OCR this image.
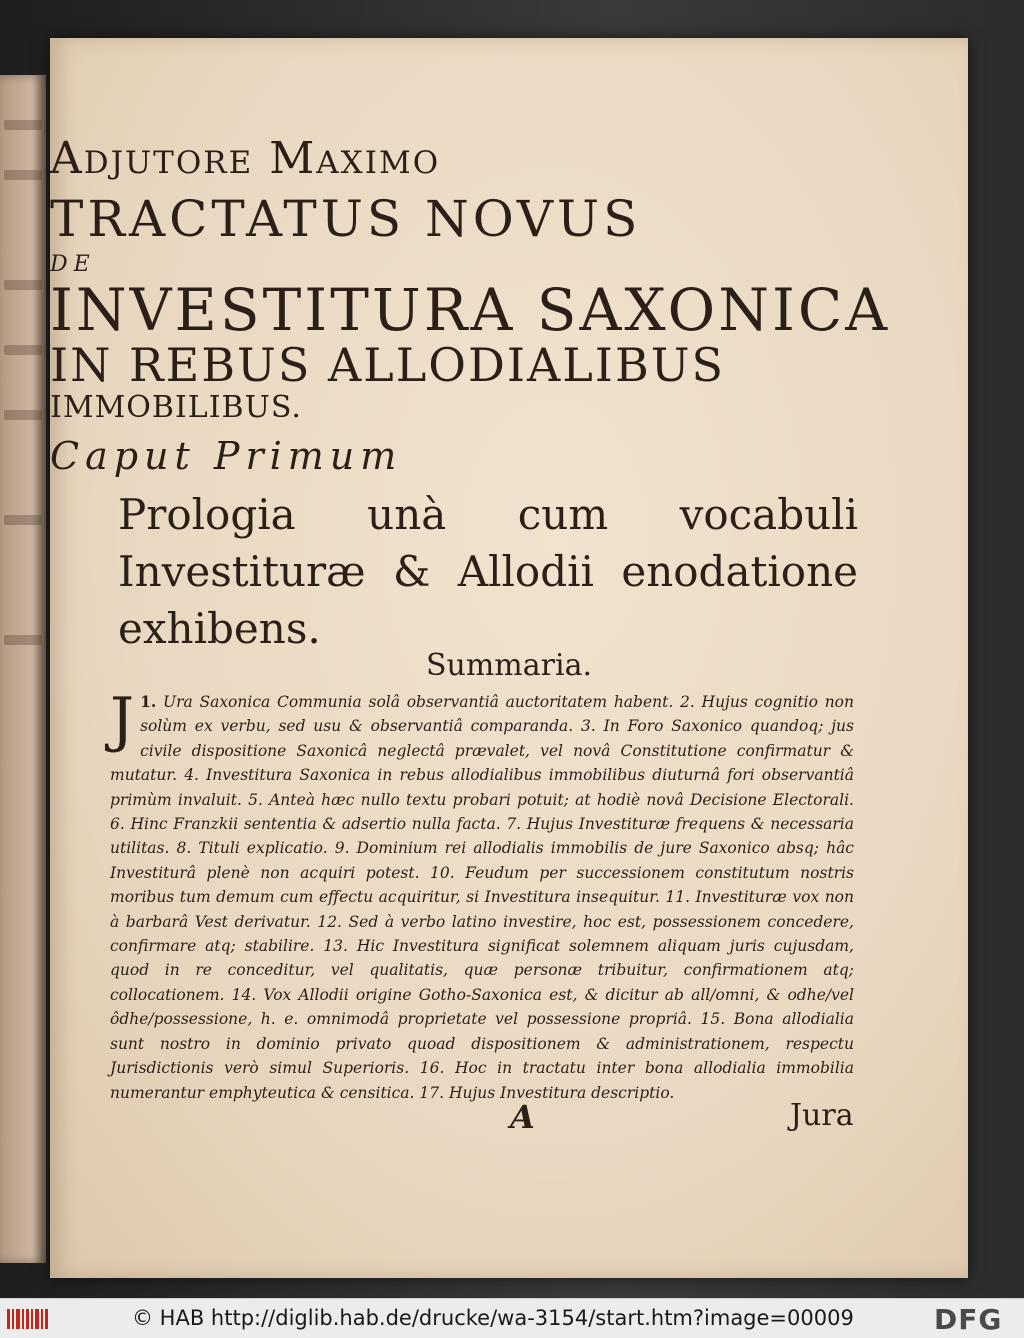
Adjutore Maximo
TRACTATUS NOVUS
DE
INVESTITURA SAXONICA
IN REBUS ALLODIALIBUS
IMMOBILIBUS.
Caput Primum
Prologia unà cum vocabuli Investituræ & Allodii enodatione exhibens.
Summaria.
1.
J Ura Saxonica Communia solâ observantiâ auctoritatem habent. 2. Hujus cognitio non solùm ex verbu, sed usu & observantiâ comparanda. 3. In Foro Saxonico quandoq; jus civile dispositione Saxonicâ neglectâ prævalet, vel novâ Constitutione confirmatur & mutatur. 4. Investitura Saxonica in rebus allodialibus immobilibus diuturnâ fori observantiâ primùm invaluit. 5. Anteà hæc nullo textu probari potuit; at hodiè novâ Decisione Electorali. 6. Hinc Franzkii sententia & adsertio nulla facta. 7. Hujus Investituræ frequens & necessaria utilitas. 8. Tituli explicatio. 9. Dominium rei allodialis immobilis de jure Saxonico absq; hâc Investiturâ plenè non acquiri potest. 10. Feudum per successionem constitutum nostris moribus tum demum cum effectu acquiritur, si Investitura insequitur. 11. Investituræ vox non à barbarâ Vest derivatur. 12. Sed à verbo latino investire, hoc est, possessionem concedere, confirmare atq; stabilire. 13. Hic Investitura significat solemnem aliquam juris cujusdam, quod in re conceditur, vel qualitatis, quæ personæ tribuitur, confirmationem atq; collocationem. 14. Vox Allodii origine Gotho-Saxonica est, & dicitur ab all/omni, & odhe/vel ôdhe/possessione, h. e. omnimodâ proprietate vel possessione propriâ. 15. Bona allodialia sunt nostro in dominio privato quoad dispositionem & administrationem, respectu Jurisdictionis verò simul Superioris. 16. Hoc in tractatu inter bona allodialia immobilia numerantur emphyteutica & censitica. 17. Hujus Investitura descriptio.
A	Jura
© HAB http://diglib.hab.de/drucke/wa-3154/start.htm?image=00009	DFG
